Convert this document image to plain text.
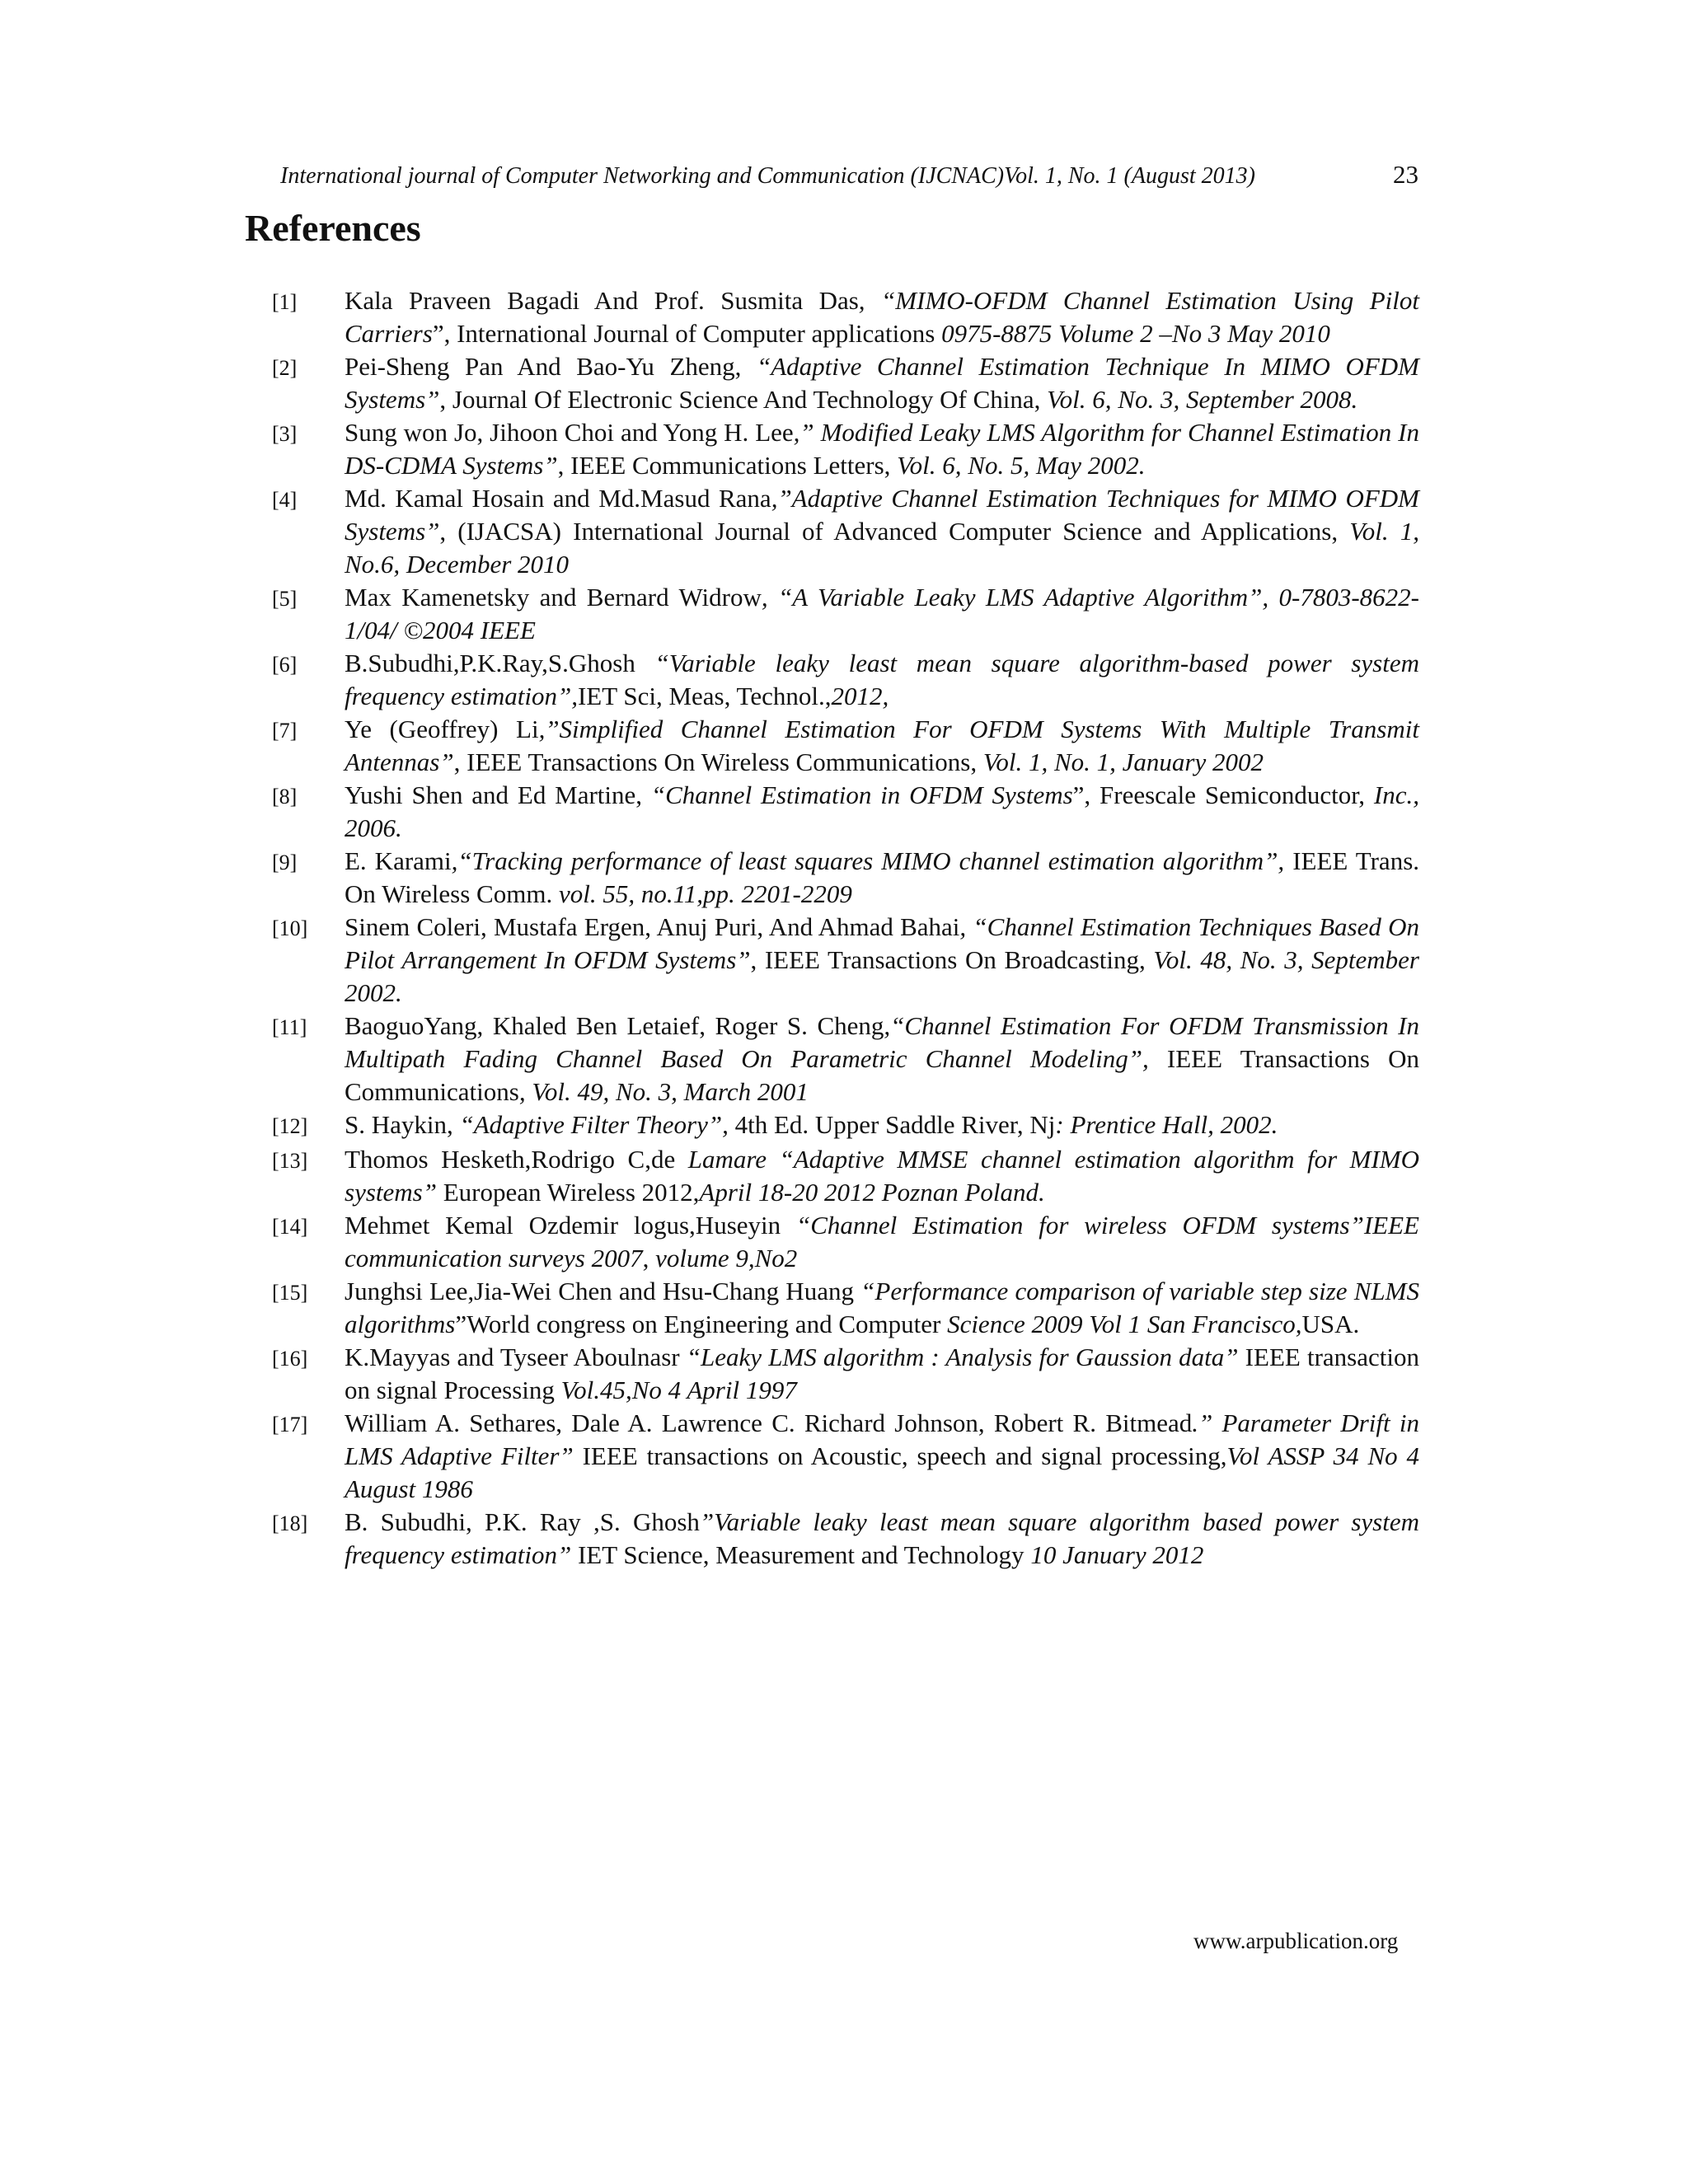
International journal of Computer Networking and Communication (IJCNAC)Vol. 1, No. 1 (August 2013)	23
References
[1]	Kala Praveen Bagadi And Prof. Susmita Das, “MIMO-OFDM Channel Estimation Using Pilot Carriers”, International Journal of Computer applications 0975-8875 Volume 2 –No 3 May 2010
[2]	Pei-Sheng Pan And Bao-Yu Zheng, “Adaptive Channel Estimation Technique In MIMO OFDM Systems”, Journal Of Electronic Science And Technology Of China, Vol. 6, No. 3, September 2008.
[3]	Sung won Jo, Jihoon Choi and Yong H. Lee,” Modified Leaky LMS Algorithm for Channel Estimation In DS-CDMA Systems”, IEEE Communications Letters, Vol. 6, No. 5, May 2002.
[4]	Md. Kamal Hosain and Md.Masud Rana,”Adaptive Channel Estimation Techniques for MIMO OFDM Systems”, (IJACSA) International Journal of Advanced Computer Science and Applications, Vol. 1, No.6, December 2010
[5]	Max Kamenetsky and Bernard Widrow, “A Variable Leaky LMS Adaptive Algorithm”, 0-7803-8622-1/04/ ©2004 IEEE
[6]	B.Subudhi,P.K.Ray,S.Ghosh “Variable leaky least mean square algorithm-based power system frequency estimation”,IET Sci, Meas, Technol.,2012,
[7]	Ye (Geoffrey) Li,”Simplified Channel Estimation For OFDM Systems With Multiple Transmit Antennas”, IEEE Transactions On Wireless Communications, Vol. 1, No. 1, January 2002
[8]	Yushi Shen and Ed Martine, “Channel Estimation in OFDM Systems”, Freescale Semiconductor, Inc., 2006.
[9]	E. Karami,“Tracking performance of least squares MIMO channel estimation algorithm”, IEEE Trans. On Wireless Comm. vol. 55, no.11,pp. 2201-2209
[10]	Sinem Coleri, Mustafa Ergen, Anuj Puri, And Ahmad Bahai, “Channel Estimation Techniques Based On Pilot Arrangement In OFDM Systems”, IEEE Transactions On Broadcasting, Vol. 48, No. 3, September 2002.
[11]	BaoguoYang, Khaled Ben Letaief, Roger S. Cheng,“Channel Estimation For OFDM Transmission In Multipath Fading Channel Based On Parametric Channel Modeling”, IEEE Transactions On Communications, Vol. 49, No. 3, March 2001
[12]	S. Haykin, “Adaptive Filter Theory”, 4th Ed. Upper Saddle River, Nj: Prentice Hall, 2002.
[13]	Thomos Hesketh,Rodrigo C,de Lamare “Adaptive MMSE channel estimation algorithm for MIMO systems” European Wireless 2012,April 18-20 2012 Poznan Poland.
[14]	Mehmet Kemal Ozdemir logus,Huseyin “Channel Estimation for wireless OFDM systems”IEEE communication surveys 2007, volume 9,No2
[15]	Junghsi Lee,Jia-Wei Chen and Hsu-Chang Huang “Performance comparison of variable step size NLMS algorithms”World congress on Engineering and Computer Science 2009 Vol 1 San Francisco,USA.
[16]	K.Mayyas and Tyseer Aboulnasr “Leaky LMS algorithm : Analysis for Gaussion data” IEEE transaction on signal Processing Vol.45,No 4 April 1997
[17]	William A. Sethares, Dale A. Lawrence C. Richard Johnson, Robert R. Bitmead.” Parameter Drift in LMS Adaptive Filter” IEEE transactions on Acoustic, speech and signal processing,Vol ASSP 34 No 4 August 1986
[18]	B. Subudhi, P.K. Ray ,S. Ghosh”Variable leaky least mean square algorithm based power system frequency estimation” IET Science, Measurement and Technology 10 January 2012
www.arpublication.org
